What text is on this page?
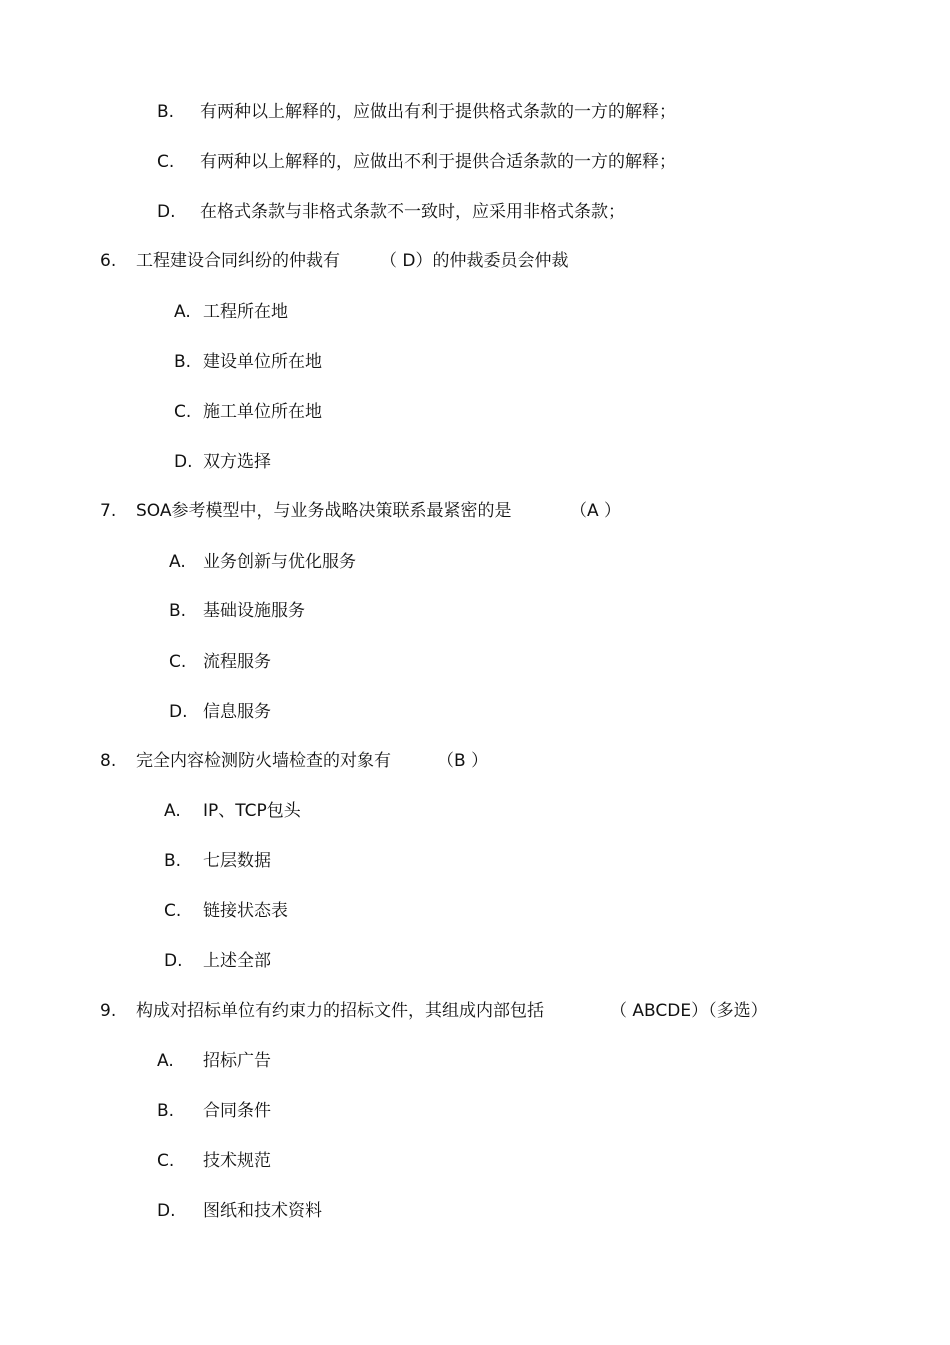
B. 有两种以上解释的，应做出有利于提供格式条款的一方的解释；
C. 有两种以上解释的，应做出不利于提供合适条款的一方的解释；
D. 在格式条款与非格式条款不一致时，应采用非格式条款；
6. 工程建设合同纠纷的仲裁有 （ D）的仲裁委员会仲裁
A. 工程所在地
B. 建设单位所在地
C. 施工单位所在地
D. 双方选择
7. SOA参考模型中，与业务战略决策联系最紧密的是	（A ）
A. 业务创新与优化服务
B. 基础设施服务
C. 流程服务
D. 信息服务
8. 完全内容检测防火墙检查的对象有	（B ）
A. IP、TCP包头
B. 七层数据
C. 链接状态表
D. 上述全部
9. 构成对招标单位有约束力的招标文件，其组成内部包括	（ ABCDE）（多选）
A. 招标广告
B. 合同条件
C. 技术规范
D. 图纸和技术资料
